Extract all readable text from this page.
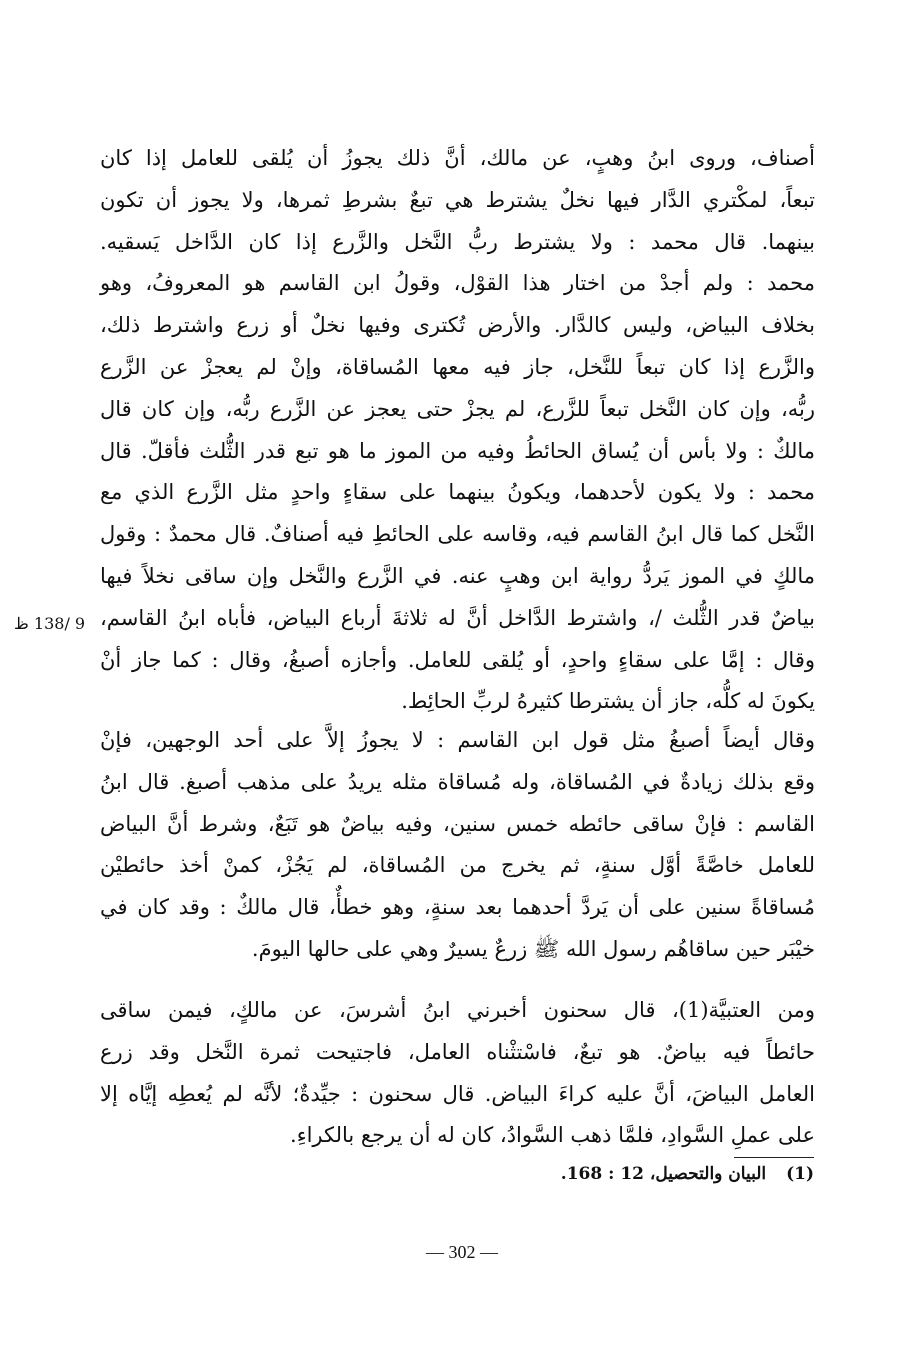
أصناف، وروى ابنُ وهبٍ، عن مالك، أنَّ ذلك يجوزُ أن يُلقى للعامل إذا كان
تبعاً، لمكْتري الدَّار فيها نخلٌ يشترط هي تبعٌ بشرطِ ثمرها، ولا يجوز أن تكون
بينهما. قال محمد : ولا يشترط ربُّ النَّخل والزَّرع إذا كان الدَّاخل يَسقيه.
محمد : ولم أجدْ من اختار هذا القوْل، وقولُ ابن القاسم هو المعروفُ، وهو
بخلاف البياض، وليس كالدَّار. والأرض تُكترى وفيها نخلٌ أو زرع واشترط ذلك،
والزَّرع إذا كان تبعاً للنَّخل، جاز فيه معها المُساقاة، وإنْ لم يعجزْ عن الزَّرع
ربُّه، وإن كان النَّخل تبعاً للزَّرع، لم يجزْ حتى يعجز عن الزَّرع ربُّه، وإن كان قال
مالكٌ : ولا بأس أن يُساق الحائطُ وفيه من الموز ما هو تبع قدر الثُّلث فأقلّ. قال
محمد : ولا يكون لأحدهما، ويكونُ بينهما على سقاءٍ واحدٍ مثل الزَّرع الذي مع
النَّخل كما قال ابنُ القاسم فيه، وقاسه على الحائطِ فيه أصنافٌ. قال محمدٌ : وقول
مالكٍ في الموز يَردُّ رواية ابن وهبٍ عنه. في الزَّرع والنَّخل وإن ساقى نخلاً فيها
بياضٌ قدر الثُّلث /، واشترط الدَّاخل أنَّ له ثلاثةَ أرباع البياض، فأباه ابنُ القاسم،
وقال : إمَّا على سقاءٍ واحدٍ، أو يُلقى للعامل. وأجازه أصبغُ، وقال : كما جاز أنْ
يكونَ له كلُّه، جاز أن يشترطا كثيرهُ لربِّ الحائِط.
9 /138 ظ
وقال أيضاً أصبغُ مثل قول ابن القاسم : لا يجوزُ إلاَّ على أحد الوجهين، فإنْ
وقع بذلك زيادةٌ في المُساقاة، وله مُساقاة مثله يريدُ على مذهب أصبغ. قال ابنُ
القاسم : فإنْ ساقى حائطه خمس سنين، وفيه بياضٌ هو تَبَعٌ، وشرط أنَّ البياض
للعامل خاصَّةً أوَّل سنةٍ، ثم يخرج من المُساقاة، لم يَجُزْ، كمنْ أخذ حائطيْن
مُساقاةً سنين على أن يَردَّ أحدهما بعد سنةٍ، وهو خطأٌ، قال مالكٌ : وقد كان في
خيْبَر حين ساقاهُم رسول الله ﷺ زرعٌ يسيرٌ وهي على حالها اليومَ.
ومن العتبيَّة(1)، قال سحنون أخبرني ابنُ أشرسَ، عن مالكٍ، فيمن ساقى
حائطاً فيه بياضٌ. هو تبعٌ، فاسْتثْناه العامل، فاجتيحت ثمرة النَّخل وقد زرع
العامل البياضَ، أنَّ عليه كراءَ البياض. قال سحنون : جيِّدةٌ؛ لأنَّه لم يُعطِه إيَّاه إلا
على عملِ السَّوادِ، فلمَّا ذهب السَّوادُ، كان له أن يرجع بالكراءِ.
(1) البيان والتحصيل، 12 : 168.
— 302 —
